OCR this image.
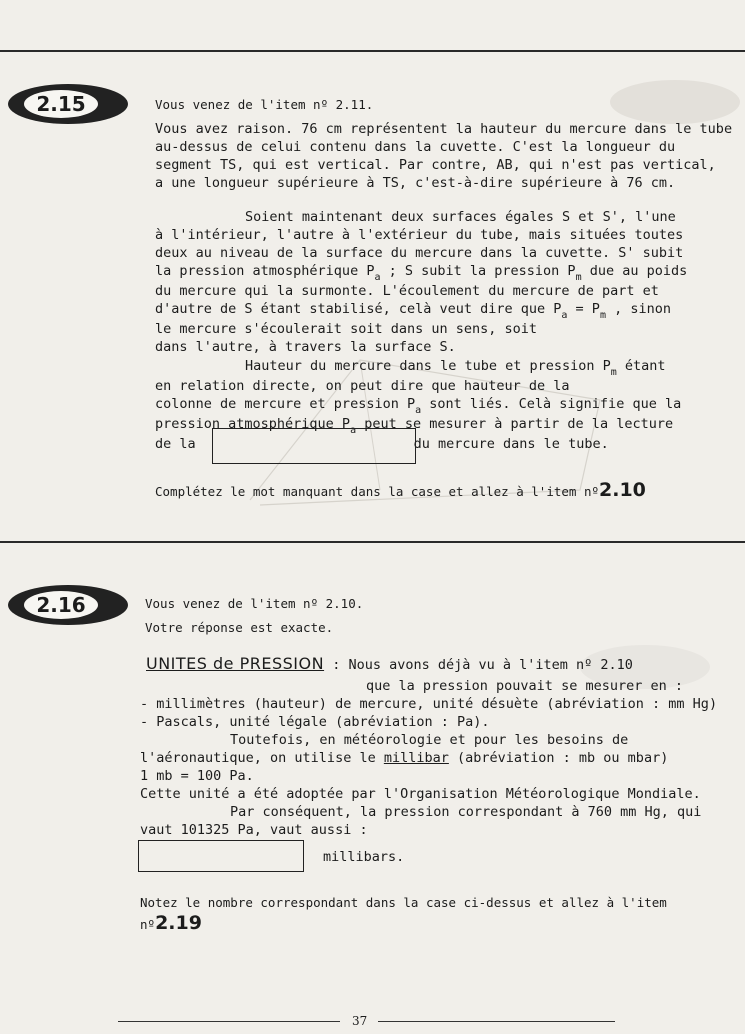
2.15	Vous venez de l'item nº 2.11.
Vous avez raison. 76 cm représentent la hauteur du mercure dans le tube
au-dessus de celui contenu dans la cuvette. C'est la longueur du
segment TS, qui est vertical. Par contre, AB, qui n'est pas vertical,
a une longueur supérieure à TS, c'est-à-dire supérieure à 76 cm.
Soient maintenant deux surfaces égales S et S', l'une
à l'intérieur, l'autre à l'extérieur du tube, mais situées toutes
deux au niveau de la surface du mercure dans la cuvette. S' subit
la pression atmosphérique $P_a$ ; S subit la pression $P_m$ due au poids
du mercure qui la surmonte. L'écoulement du mercure de part et
d'autre de S étant stabilisé, celà veut dire que $P_a = P_m$ , sinon
le mercure s'écoulerait soit dans un sens, soit
dans l'autre, à travers la surface S.
Hauteur du mercure dans le tube et pression $P_m$ étant
en relation directe, on peut dire que hauteur de la
colonne de mercure et pression $P_a$ sont liés. Celà signifie que la
pression atmosphérique $P_a$ peut se mesurer à partir de la lecture
de la	du mercure dans le tube.
Complétez le mot manquant dans la case et allez à l'item nº2.10
2.16	Vous venez de l'item nº 2.10.
Votre réponse est exacte.
UNITES de PRESSION : Nous avons déjà vu à l'item nº 2.10
que la pression pouvait se mesurer en :
- millimètres (hauteur) de mercure, unité désuète (abréviation : mm Hg)
- Pascals, unité légale (abréviation : Pa).
Toutefois, en météorologie et pour les besoins de
l'aéronautique, on utilise le millibar (abréviation : mb ou mbar)
1 mb = 100 Pa.
Cette unité a été adoptée par l'Organisation Météorologique Mondiale.
Par conséquent, la pression correspondant à 760 mm Hg, qui
vaut 101325 Pa, vaut aussi :
millibars.
Notez le nombre correspondant dans la case ci-dessus et allez à l'item
nº2.19
37
